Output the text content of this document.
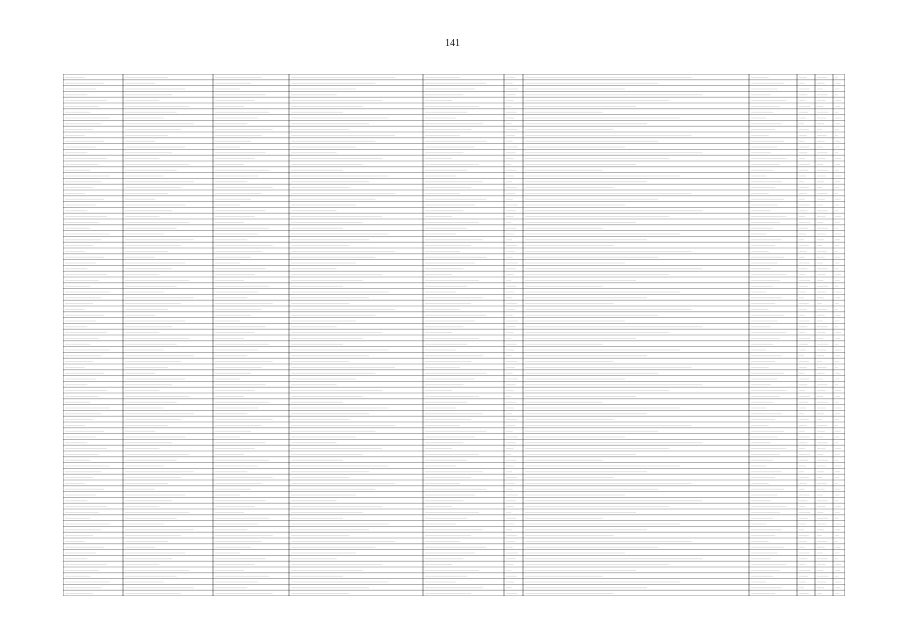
141
